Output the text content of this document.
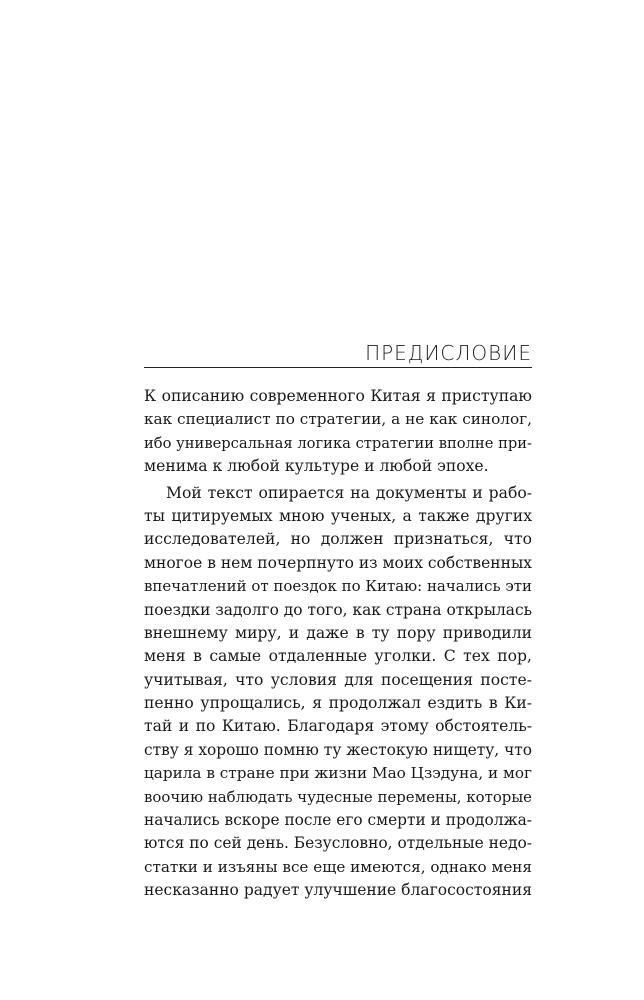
ПРЕДИСЛОВИЕ
К описанию современного Китая я приступаю
как специалист по стратегии, а не как синолог,
ибо универсальная логика стратегии вполне при-
менима к любой культуре и любой эпохе.
Мой текст опирается на документы и рабо-
ты цитируемых мною ученых, а также других
исследователей, но должен признаться, что
многое в нем почерпнуто из моих собственных
впечатлений от поездок по Китаю: начались эти
поездки задолго до того, как страна открылась
внешнему миру, и даже в ту пору приводили
меня в самые отдаленные уголки. С тех пор,
учитывая, что условия для посещения посте-
пенно упрощались, я продолжал ездить в Ки-
тай и по Китаю. Благодаря этому обстоятель-
ству я хорошо помню ту жестокую нищету, что
царила в стране при жизни Мао Цзэдуна, и мог
воочию наблюдать чудесные перемены, которые
начались вскоре после его смерти и продолжа-
ются по сей день. Безусловно, отдельные недо-
статки и изъяны все еще имеются, однако меня
несказанно радует улучшение благосостояния
